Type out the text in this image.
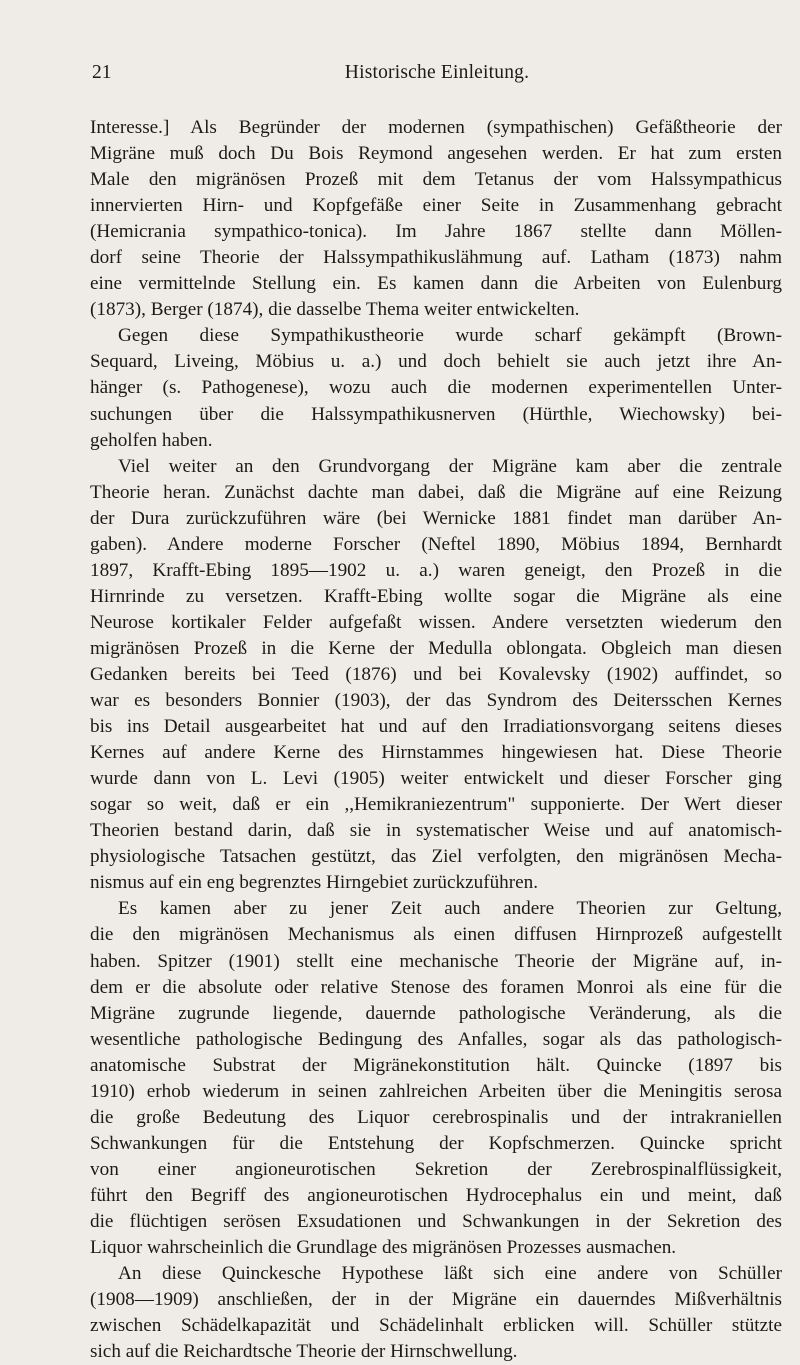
21	Historische Einleitung.
Interesse.] Als Begründer der modernen (sympathischen) Gefäßtheorie der
Migräne muß doch Du Bois Reymond angesehen werden. Er hat zum ersten
Male den migränösen Prozeß mit dem Tetanus der vom Halssympathicus
innervierten Hirn- und Kopfgefäße einer Seite in Zusammenhang gebracht
(Hemicrania sympathico-tonica). Im Jahre 1867 stellte dann Möllen-
dorf seine Theorie der Halssympathikuslähmung auf. Latham (1873) nahm
eine vermittelnde Stellung ein. Es kamen dann die Arbeiten von Eulenburg
(1873), Berger (1874), die dasselbe Thema weiter entwickelten.
Gegen diese Sympathikustheorie wurde scharf gekämpft (Brown-
Sequard, Liveing, Möbius u. a.) und doch behielt sie auch jetzt ihre An-
hänger (s. Pathogenese), wozu auch die modernen experimentellen Unter-
suchungen über die Halssympathikusnerven (Hürthle, Wiechowsky) bei-
geholfen haben.
Viel weiter an den Grundvorgang der Migräne kam aber die zentrale
Theorie heran. Zunächst dachte man dabei, daß die Migräne auf eine Reizung
der Dura zurückzuführen wäre (bei Wernicke 1881 findet man darüber An-
gaben). Andere moderne Forscher (Neftel 1890, Möbius 1894, Bernhardt
1897, Krafft-Ebing 1895—1902 u. a.) waren geneigt, den Prozeß in die
Hirnrinde zu versetzen. Krafft-Ebing wollte sogar die Migräne als eine
Neurose kortikaler Felder aufgefaßt wissen. Andere versetzten wiederum den
migränösen Prozeß in die Kerne der Medulla oblongata. Obgleich man diesen
Gedanken bereits bei Teed (1876) und bei Kovalevsky (1902) auffindet, so
war es besonders Bonnier (1903), der das Syndrom des Deitersschen Kernes
bis ins Detail ausgearbeitet hat und auf den Irradiationsvorgang seitens dieses
Kernes auf andere Kerne des Hirnstammes hingewiesen hat. Diese Theorie
wurde dann von L. Levi (1905) weiter entwickelt und dieser Forscher ging
sogar so weit, daß er ein ,,Hemikraniezentrum" supponierte. Der Wert dieser
Theorien bestand darin, daß sie in systematischer Weise und auf anatomisch-
physiologische Tatsachen gestützt, das Ziel verfolgten, den migränösen Mecha-
nismus auf ein eng begrenztes Hirngebiet zurückzuführen.
Es kamen aber zu jener Zeit auch andere Theorien zur Geltung,
die den migränösen Mechanismus als einen diffusen Hirnprozeß aufgestellt
haben. Spitzer (1901) stellt eine mechanische Theorie der Migräne auf, in-
dem er die absolute oder relative Stenose des foramen Monroi als eine für die
Migräne zugrunde liegende, dauernde pathologische Veränderung, als die
wesentliche pathologische Bedingung des Anfalles, sogar als das pathologisch-
anatomische Substrat der Migränekonstitution hält. Quincke (1897 bis
1910) erhob wiederum in seinen zahlreichen Arbeiten über die Meningitis serosa
die große Bedeutung des Liquor cerebrospinalis und der intrakraniellen
Schwankungen für die Entstehung der Kopfschmerzen. Quincke spricht
von einer angioneurotischen Sekretion der Zerebrospinalflüssigkeit,
führt den Begriff des angioneurotischen Hydrocephalus ein und meint, daß
die flüchtigen serösen Exsudationen und Schwankungen in der Sekretion des
Liquor wahrscheinlich die Grundlage des migränösen Prozesses ausmachen.
An diese Quinckesche Hypothese läßt sich eine andere von Schüller
(1908—1909) anschließen, der in der Migräne ein dauerndes Mißverhältnis
zwischen Schädelkapazität und Schädelinhalt erblicken will. Schüller stützte
sich auf die Reichardtsche Theorie der Hirnschwellung.
